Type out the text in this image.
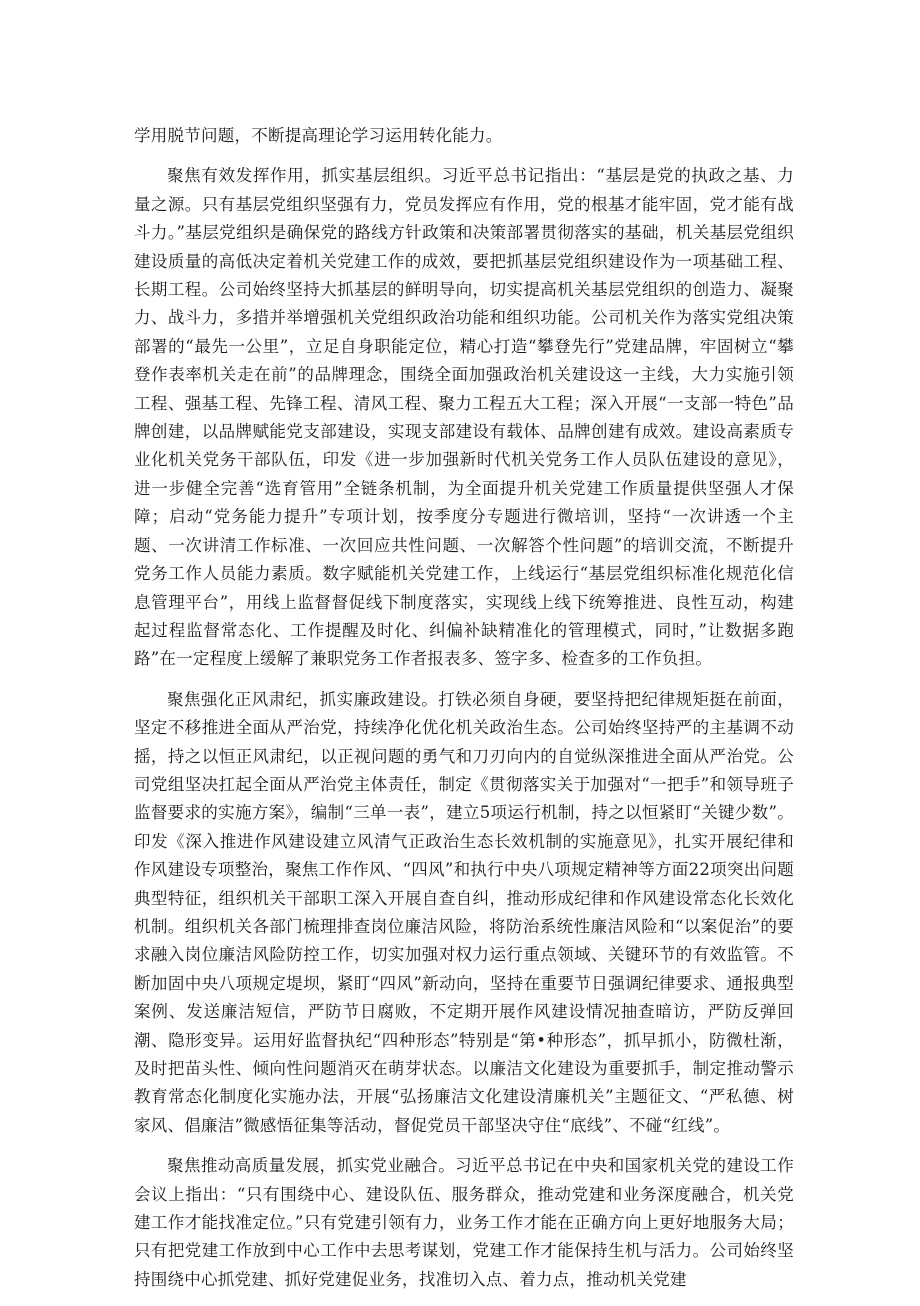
学用脱节问题，不断提高理论学习运用转化能力。

聚焦有效发挥作用，抓实基层组织。习近平总书记指出：“基层是党的执政之基、力量之源。只有基层党组织坚强有力，党员发挥应有作用，党的根基才能牢固，党才能有战斗力。”基层党组织是确保党的路线方针政策和决策部署贯彻落实的基础，机关基层党组织建设质量的高低决定着机关党建工作的成效，要把抓基层党组织建设作为一项基础工程、长期工程。公司始终坚持大抓基层的鲜明导向，切实提高机关基层党组织的创造力、凝聚力、战斗力，多措并举增强机关党组织政治功能和组织功能。公司机关作为落实党组决策部署的“最先一公里”，立足自身职能定位，精心打造“攀登先行”党建品牌，牢固树立“攀登作表率机关走在前”的品牌理念，围绕全面加强政治机关建设这一主线，大力实施引领工程、强基工程、先锋工程、清风工程、聚力工程五大工程；深入开展“一支部一特色”品牌创建，以品牌赋能党支部建设，实现支部建设有载体、品牌创建有成效。建设高素质专业化机关党务干部队伍，印发《进一步加强新时代机关党务工作人员队伍建设的意见》，进一步健全完善“选育管用”全链条机制，为全面提升机关党建工作质量提供坚强人才保障；启动“党务能力提升”专项计划，按季度分专题进行微培训，坚持“一次讲透一个主题、一次讲清工作标准、一次回应共性问题、一次解答个性问题”的培训交流，不断提升党务工作人员能力素质。数字赋能机关党建工作，上线运行“基层党组织标准化规范化信息管理平台”，用线上监督督促线下制度落实，实现线上线下统筹推进、良性互动，构建起过程监督常态化、工作提醒及时化、纠偏补缺精准化的管理模式，同时，”让数据多跑路”在一定程度上缓解了兼职党务工作者报表多、签字多、检查多的工作负担。

聚焦强化正风肃纪，抓实廉政建设。打铁必须自身硬，要坚持把纪律规矩挺在前面，坚定不移推进全面从严治党，持续净化优化机关政治生态。公司始终坚持严的主基调不动摇，持之以恒正风肃纪，以正视问题的勇气和刀刃向内的自觉纵深推进全面从严治党。公司党组坚决扛起全面从严治党主体责任，制定《贯彻落实关于加强对“一把手”和领导班子监督要求的实施方案》，编制“三单一表”，建立5项运行机制，持之以恒紧盯“关键少数”。印发《深入推进作风建设建立风清气正政治生态长效机制的实施意见》，扎实开展纪律和作风建设专项整治，聚焦工作作风、“四风”和执行中央八项规定精神等方面22项突出问题典型特征，组织机关干部职工深入开展自查自纠，推动形成纪律和作风建设常态化长效化机制。组织机关各部门梳理排查岗位廉洁风险，将防治系统性廉洁风险和“以案促治”的要求融入岗位廉洁风险防控工作，切实加强对权力运行重点领域、关键环节的有效监管。不断加固中央八项规定堤坝，紧盯“四风”新动向，坚持在重要节日强调纪律要求、通报典型案例、发送廉洁短信，严防节日腐败，不定期开展作风建设情况抽查暗访，严防反弹回潮、隐形变异。运用好监督执纪“四种形态”特别是“第•种形态”，抓早抓小，防微杜渐，及时把苗头性、倾向性问题消灭在萌芽状态。以廉洁文化建设为重要抓手，制定推动警示教育常态化制度化实施办法，开展“弘扬廉洁文化建设清廉机关”主题征文、“严私德、树家风、倡廉洁”微感悟征集等活动，督促党员干部坚决守住“底线”、不碰“红线”。

聚焦推动高质量发展，抓实党业融合。习近平总书记在中央和国家机关党的建设工作会议上指出：“只有围绕中心、建设队伍、服务群众，推动党建和业务深度融合，机关党建工作才能找准定位。”只有党建引领有力，业务工作才能在正确方向上更好地服务大局；只有把党建工作放到中心工作中去思考谋划，党建工作才能保持生机与活力。公司始终坚持围绕中心抓党建、抓好党建促业务，找准切入点、着力点，推动机关党建
